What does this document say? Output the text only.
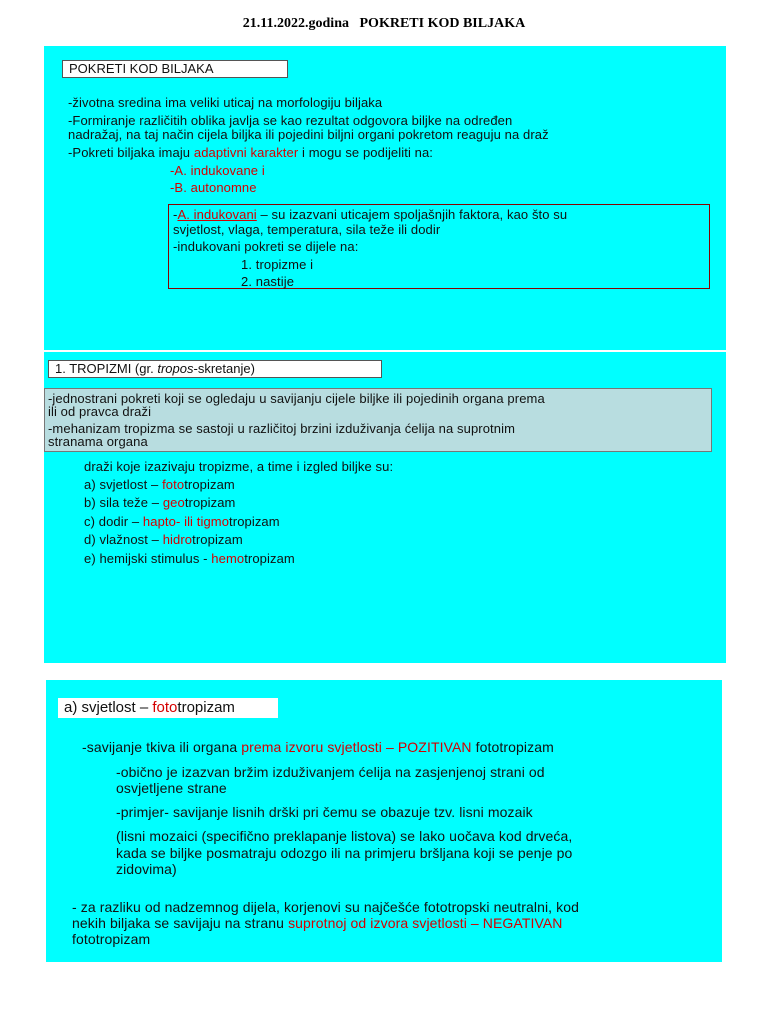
21.11.2022.godina POKRETI KOD BILJAKA
POKRETI KOD BILJAKA
-životna sredina ima veliki uticaj na morfologiju biljaka
-Formiranje različitih oblika javlja se kao rezultat odgovora biljke na određen
nadražaj, na taj način cijela biljka ili pojedini biljni organi pokretom reaguju na draž
-Pokreti biljaka imaju adaptivni karakter i mogu se podijeliti na:
-A. indukovane i
-B. autonomne
-A. indukovani – su izazvani uticajem spoljašnjih faktora, kao što su
svjetlost, vlaga, temperatura, sila teže ili dodir
-indukovani pokreti se dijele na:
1. tropizme i
2. nastije
1. TROPIZMI (gr. tropos-skretanje)
-jednostrani pokreti koji se ogledaju u savijanju cijele biljke ili pojedinih organa prema
ili od pravca draži
-mehanizam tropizma se sastoji u različitoj brzini izduživanja ćelija na suprotnim
stranama organa
draži koje izazivaju tropizme, a time i izgled biljke su:
a) svjetlost – fototropizam
b) sila teže – geotropizam
c) dodir – hapto- ili tigmotropizam
d) vlažnost – hidrotropizam
e) hemijski stimulus - hemotropizam
a) svjetlost – fototropizam
-savijanje tkiva ili organa prema izvoru svjetlosti – POZITIVAN fototropizam
-obično je izazvan bržim izduživanjem ćelija na zasjenjenoj strani od
osvjetljene strane
-primjer- savijanje lisnih drški pri čemu se obazuje tzv. lisni mozaik
(lisni mozaici (specifično preklapanje listova) se lako uočava kod drveća,
kada se biljke posmatraju odozgo ili na primjeru bršljana koji se penje po
zidovima)
- za razliku od nadzemnog dijela, korjenovi su najčešće fototropski neutralni, kod
nekih biljaka se savijaju na stranu suprotnoj od izvora svjetlosti – NEGATIVAN
fototropizam
